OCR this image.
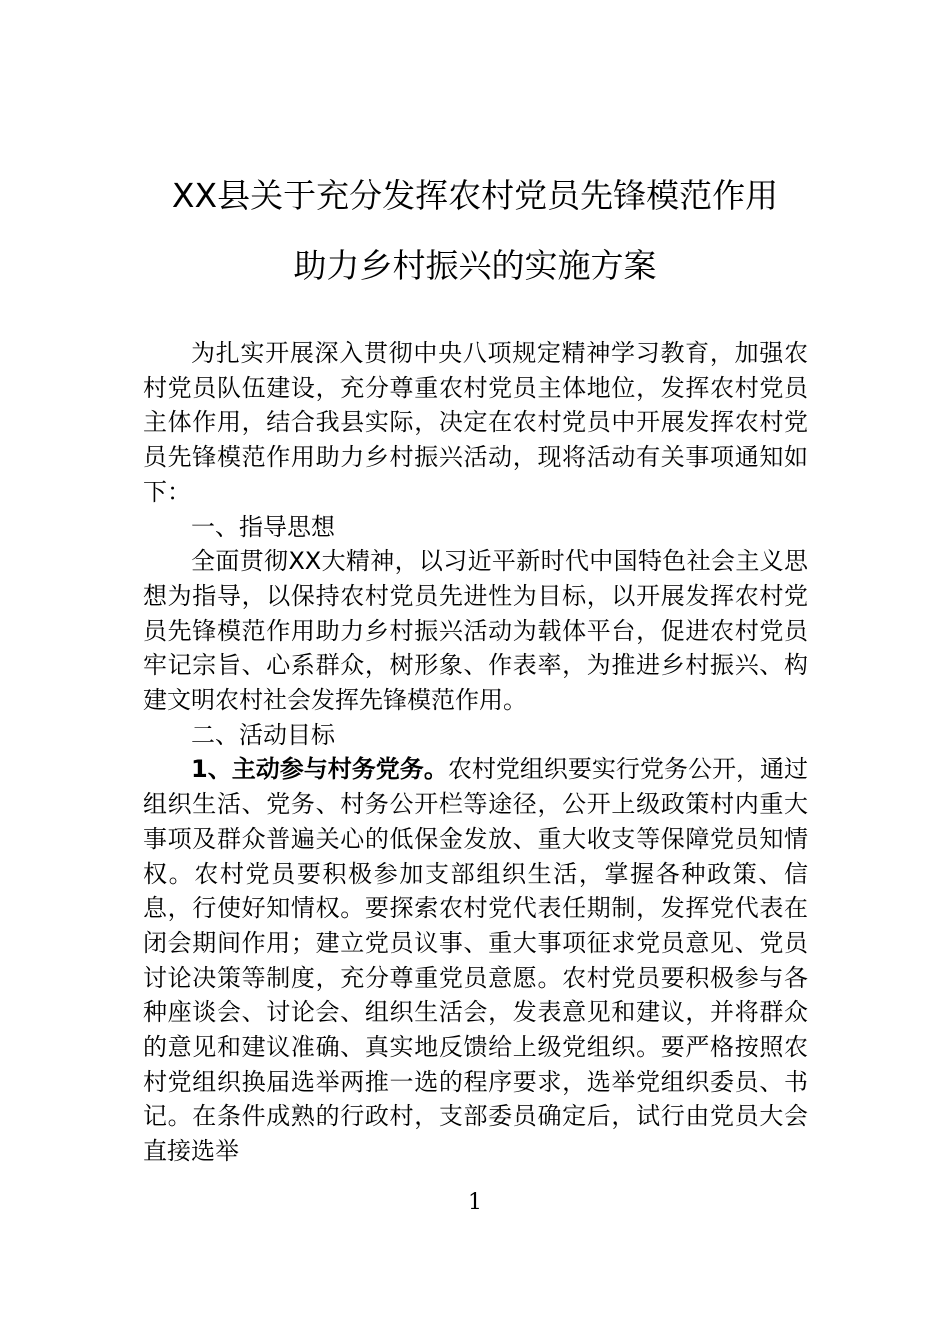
XX县关于充分发挥农村党员先锋模范作用
助力乡村振兴的实施方案

为扎实开展深入贯彻中央八项规定精神学习教育，加强农村党员队伍建设，充分尊重农村党员主体地位，发挥农村党员主体作用，结合我县实际，决定在农村党员中开展发挥农村党员先锋模范作用助力乡村振兴活动，现将活动有关事项通知如下：

一、指导思想

全面贯彻XX大精神，以习近平新时代中国特色社会主义思想为指导，以保持农村党员先进性为目标，以开展发挥农村党员先锋模范作用助力乡村振兴活动为载体平台，促进农村党员牢记宗旨、心系群众，树形象、作表率，为推进乡村振兴、构建文明农村社会发挥先锋模范作用。

二、活动目标

1、主动参与村务党务。农村党组织要实行党务公开，通过组织生活、党务、村务公开栏等途径，公开上级政策村内重大事项及群众普遍关心的低保金发放、重大收支等保障党员知情权。农村党员要积极参加支部组织生活，掌握各种政策、信息，行使好知情权。要探索农村党代表任期制，发挥党代表在闭会期间作用；建立党员议事、重大事项征求党员意见、党员讨论决策等制度，充分尊重党员意愿。农村党员要积极参与各种座谈会、讨论会、组织生活会，发表意见和建议，并将群众的意见和建议准确、真实地反馈给上级党组织。要严格按照农村党组织换届选举两推一选的程序要求，选举党组织委员、书记。在条件成熟的行政村，支部委员确定后，试行由党员大会直接选举

1
